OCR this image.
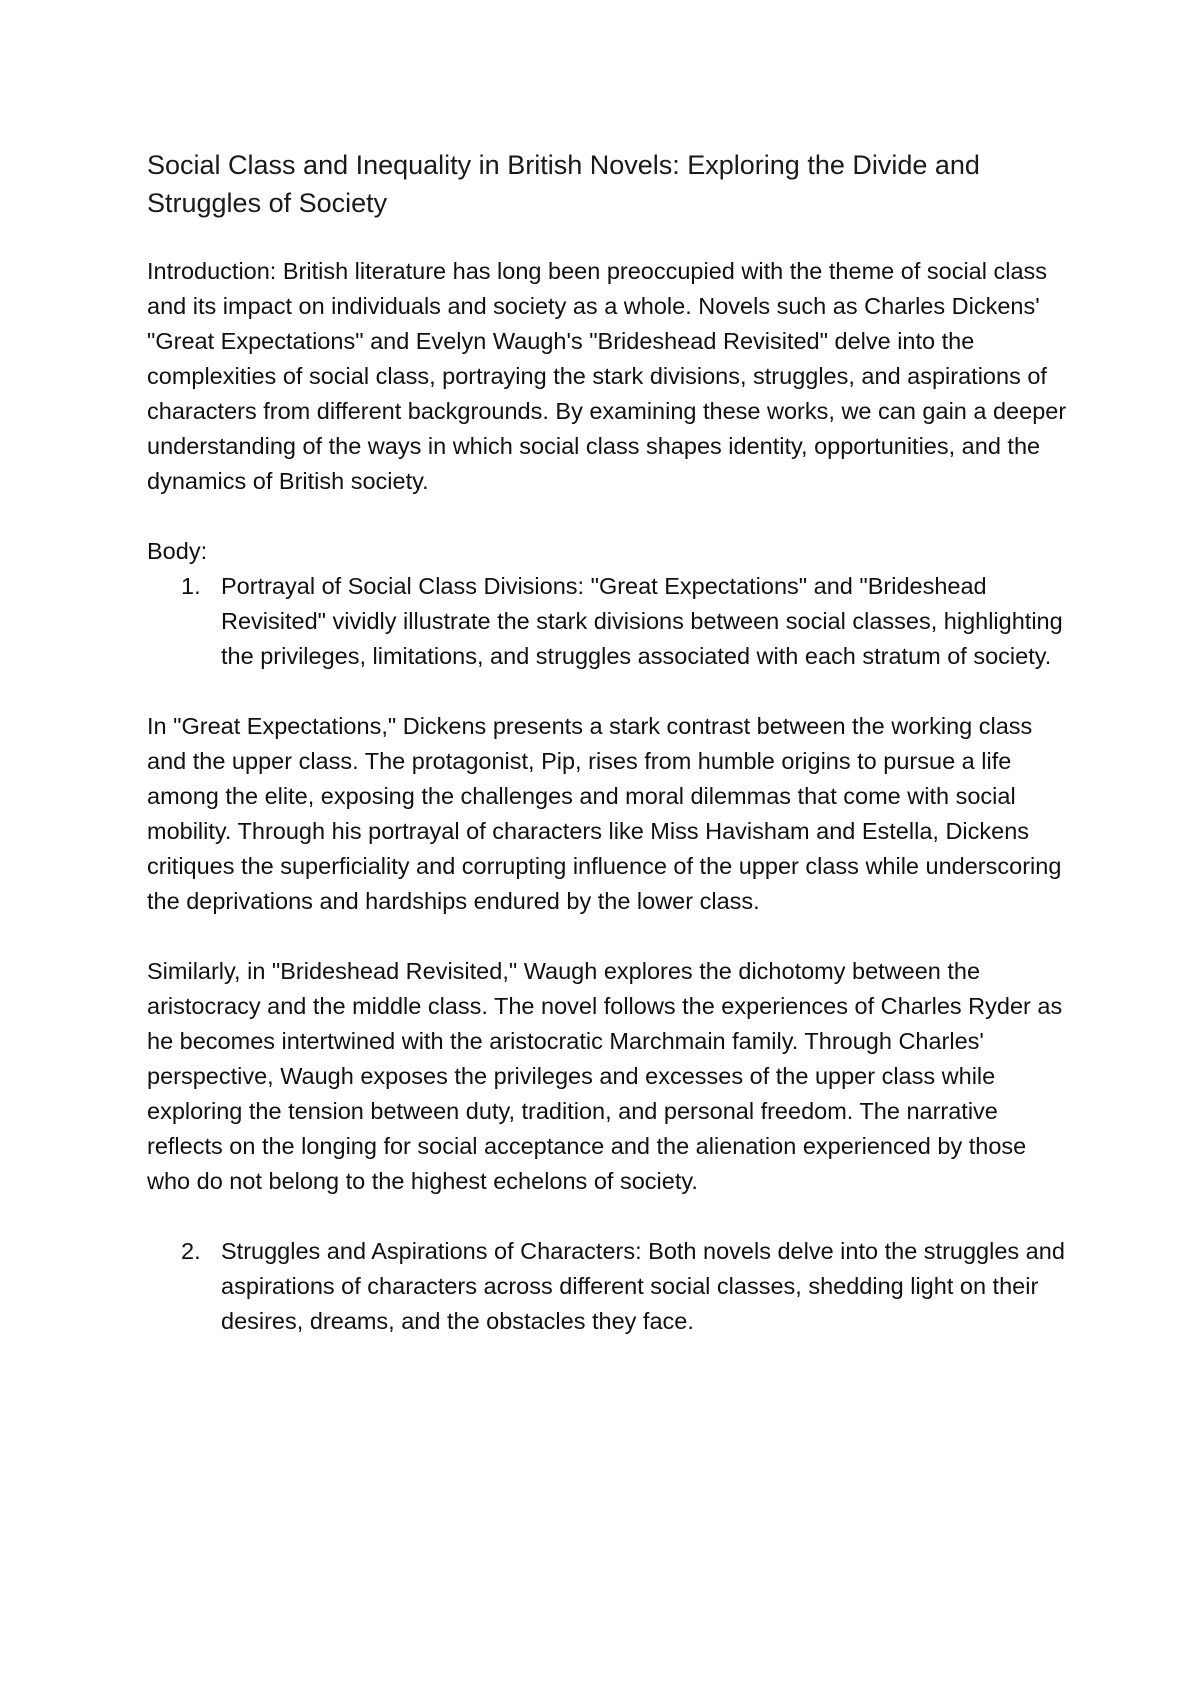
Social Class and Inequality in British Novels: Exploring the Divide and Struggles of Society

Introduction: British literature has long been preoccupied with the theme of social class and its impact on individuals and society as a whole. Novels such as Charles Dickens' "Great Expectations" and Evelyn Waugh's "Brideshead Revisited" delve into the complexities of social class, portraying the stark divisions, struggles, and aspirations of characters from different backgrounds. By examining these works, we can gain a deeper understanding of the ways in which social class shapes identity, opportunities, and the dynamics of British society.

Body:

1. Portrayal of Social Class Divisions: "Great Expectations" and "Brideshead Revisited" vividly illustrate the stark divisions between social classes, highlighting the privileges, limitations, and struggles associated with each stratum of society.

In "Great Expectations," Dickens presents a stark contrast between the working class and the upper class. The protagonist, Pip, rises from humble origins to pursue a life among the elite, exposing the challenges and moral dilemmas that come with social mobility. Through his portrayal of characters like Miss Havisham and Estella, Dickens critiques the superficiality and corrupting influence of the upper class while underscoring the deprivations and hardships endured by the lower class.

Similarly, in "Brideshead Revisited," Waugh explores the dichotomy between the aristocracy and the middle class. The novel follows the experiences of Charles Ryder as he becomes intertwined with the aristocratic Marchmain family. Through Charles' perspective, Waugh exposes the privileges and excesses of the upper class while exploring the tension between duty, tradition, and personal freedom. The narrative reflects on the longing for social acceptance and the alienation experienced by those who do not belong to the highest echelons of society.

2. Struggles and Aspirations of Characters: Both novels delve into the struggles and aspirations of characters across different social classes, shedding light on their desires, dreams, and the obstacles they face.
